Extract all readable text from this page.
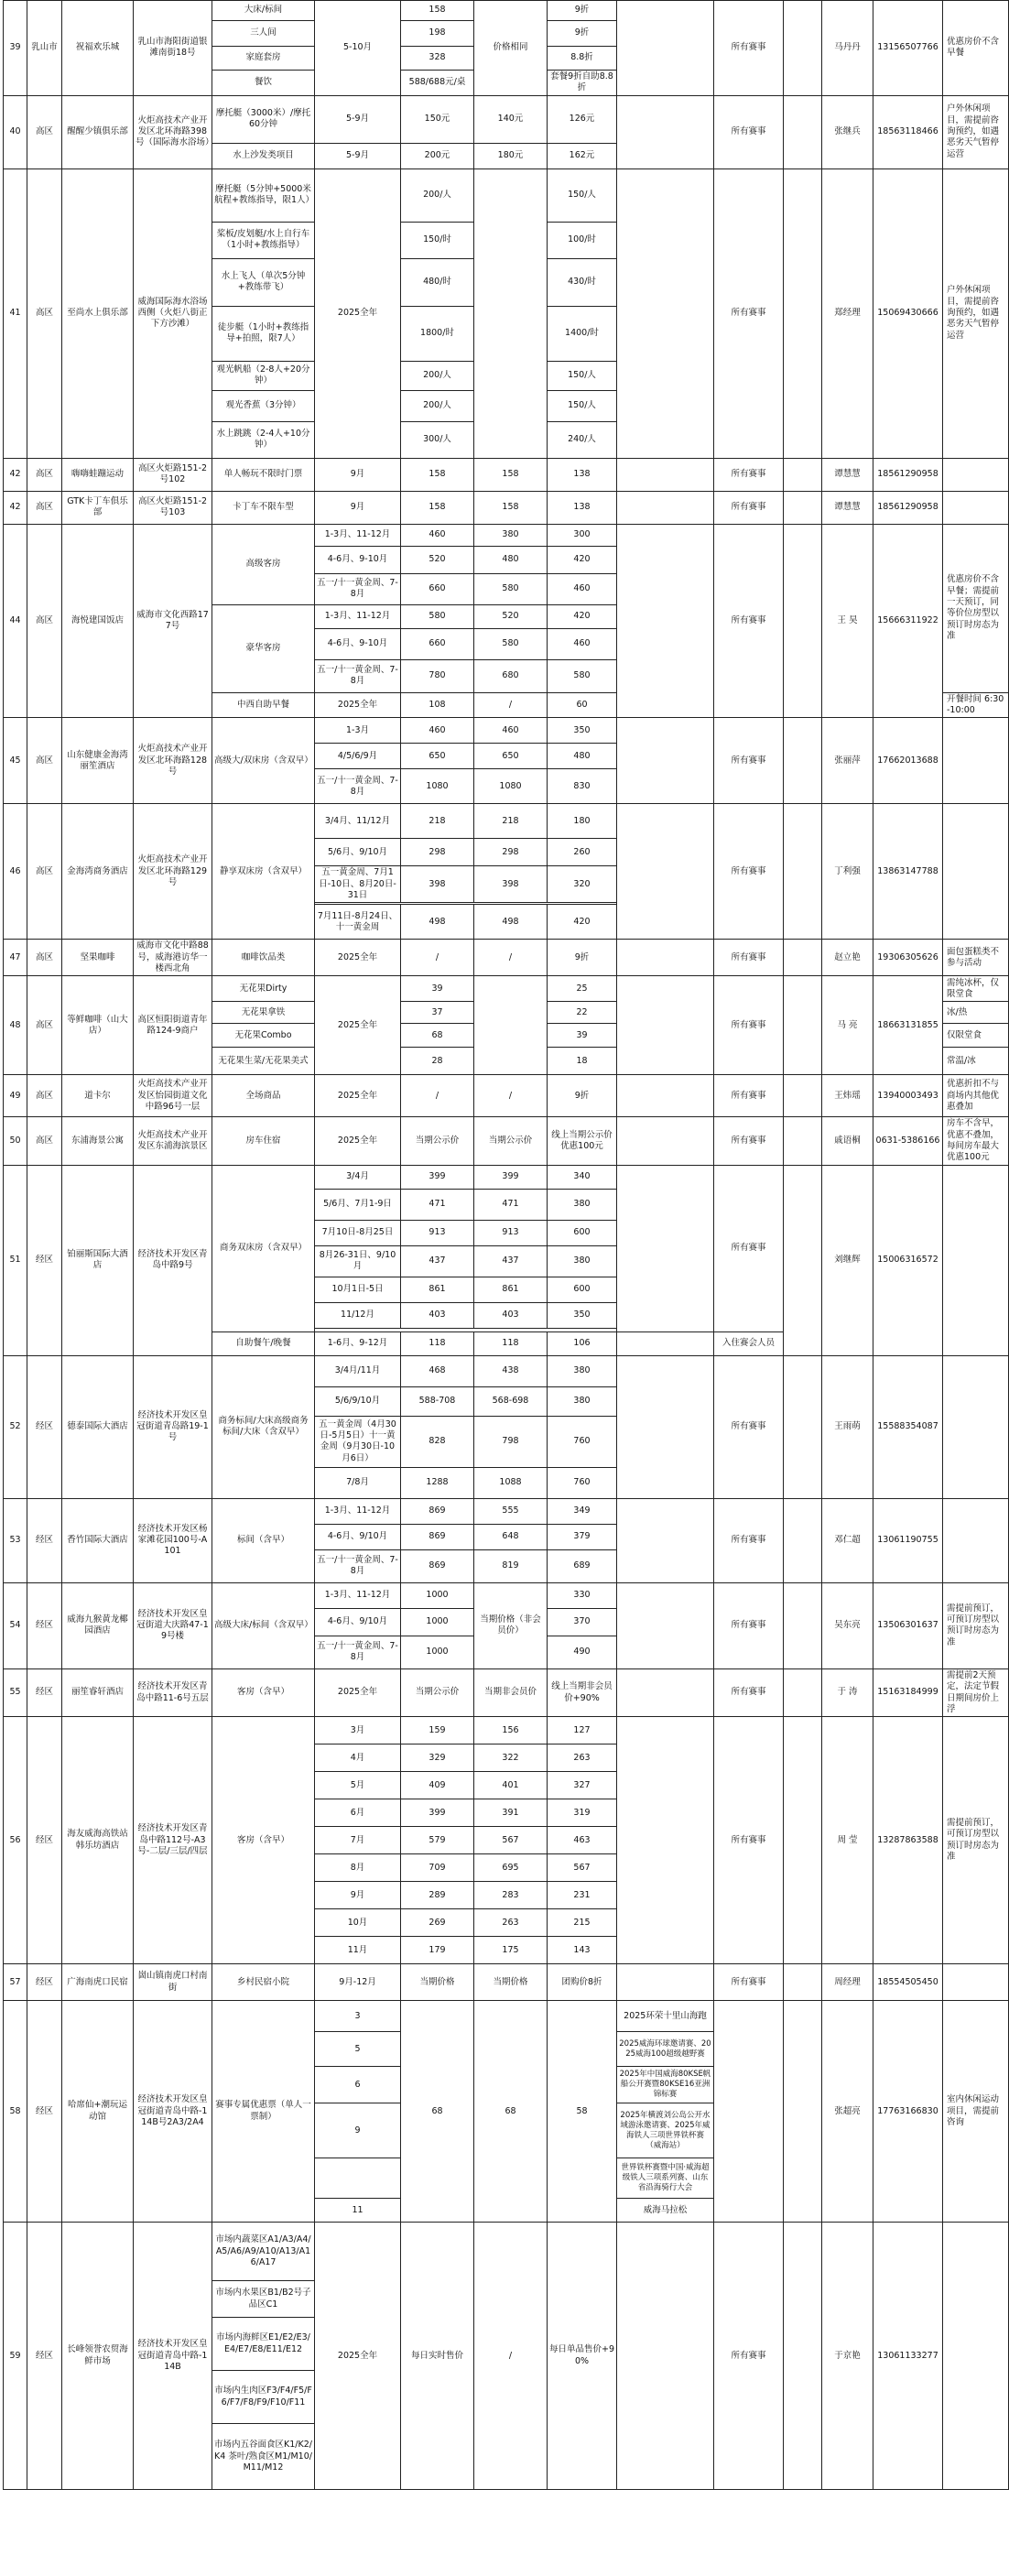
39	乳山市	祝福欢乐城	乳山市海阳街道银滩南街18号	大床/标间	5-10月	158	价格相同	9折		所有赛事		马丹丹	13156507766	优惠房价不含早餐
				三人间		198		9折						
				家庭套房		328		8.8折						
				餐饮		588/688元/桌		套餐9折自助8.8折						
40	高区	醒醒少镇俱乐部	火炬高技术产业开发区北环海路398号（国际海水浴场）	摩托艇（3000米）/摩托60分钟	5-9月	150元	140元	126元		所有赛事		张继兵	18563118466	户外休闲项目，需提前咨询预约，如遇恶劣天气暂停运营
				水上沙发类项目	5-9月	200元	180元	162元						
41	高区	至尚水上俱乐部	威海国际海水浴场西侧（火炬八街正下方沙滩）	摩托艇（5分钟+5000米航程+教练指导，限1人）	2025全年	200/人		150/人		所有赛事		郑经理	15069430666	户外休闲项目，需提前咨询预约，如遇恶劣天气暂停运营
				桨板/皮划艇/水上自行车（1小时+教练指导）		150/时		100/时						
				水上飞人（单次5分钟+教练带飞）		480/时		430/时						
				徒步艇（1小时+教练指导+拍照，限7人）		1800/时		1400/时						
				观光帆船（2-8人+20分钟）		200/人		150/人						
				观光香蕉（3分钟）		200/人		150/人						
				水上跳跳（2-4人+10分钟）		300/人		240/人						
42	高区	嗨嗨蛙蹦运动	高区火炬路151-2号102	单人畅玩不限时门票	9月	158	158	138		所有赛事		谭慧慧	18561290958	
42	高区	GTK卡丁车俱乐部	高区火炬路151-2号103	卡丁车不限车型	9月	158	158	138		所有赛事		谭慧慧	18561290958	
44	高区	海悦建国饭店	威海市文化西路177号	高级客房	1-3月、11-12月	460	380	300		所有赛事		王 昊	15666311922	优惠房价不含早餐；需提前一天预订，同等价位房型以预订时房态为准
					4-6月、9-10月	520	480	420						
					五一/十一黄金周、7-8月	660	580	460						
				豪华客房	1-3月、11-12月	580	520	420						
					4-6月、9-10月	660	580	460						
					五一/十一黄金周、7-8月	780	680	580						
				中西自助早餐	2025全年	108	/	60						开餐时间 6:30-10:00
45	高区	山东健康金海湾丽笙酒店	火炬高技术产业开发区北环海路128号	高级大/双床房（含双早）	1-3月	460	460	350		所有赛事		张丽萍	17662013688	
					4/5/6/9月	650	650	480						
					五一/十一黄金周、7-8月	1080	1080	830						
46	高区	金海湾商务酒店	火炬高技术产业开发区北环海路129号	静享双床房（含双早）	3/4月、11/12月	218	218	180		所有赛事		丁利强	13863147788	
					5/6月、9/10月	298	298	260						
					五一黄金周、7月1日-10日、8月20日-31日	398	398	320						

					7月11日-8月24日、十一黄金周	498	498	420						
47	高区	坚果咖啡	威海市文化中路88号，威海港访华一楼西北角	咖啡饮品类	2025全年	/	/	9折		所有赛事		赵立艳	19306305626	面包蛋糕类不参与活动
48	高区	等鲜咖啡（山大店）	高区恒阳街道青年路124-9商户	无花果Dirty	2025全年	39		25		所有赛事		马 亮	18663131855	需纯冰杯，仅限堂食
				无花果拿铁		37		22						冰/热
				无花果Combo		68		39						仅限堂食
				无花果生菜/无花果美式		28		18						常温/冰
49	高区	道卡尔	火炬高技术产业开发区怡园街道文化中路96号一层	全场商品	2025全年	/	/	9折		所有赛事		王炜瑶	13940003493	优惠折扣不与商场内其他优惠叠加
50	高区	东浦海景公寓	火炬高技术产业开发区东浦海滨景区	房车住宿	2025全年	当期公示价	当期公示价	线上当期公示价优惠100元		所有赛事		戚语桐	0631-5386166	房车不含早，优惠不叠加，每间房车最大优惠100元
51	经区	铂丽斯国际大酒店	经济技术开发区青岛中路9号	商务双床房（含双早）	3/4月	399	399	340		所有赛事		刘继辉	15006316572	
					5/6月、7月1-9日	471	471	380						
					7月10日-8月25日	913	913	600						
					8月26-31日、9/10月	437	437	380						
					10月1日-5日	861	861	600						
					11/12月	403	403	350						

				自助餐午/晚餐	1-6月、9-12月	118	118	106		入住赛会人员				
52	经区	德泰国际大酒店	经济技术开发区皇冠街道青岛路19-1号	商务标间/大床高级商务标间/大床（含双早）	3/4月/11月	468	438	380		所有赛事		王雨萌	15588354087	
					5/6/9/10月	588-708	568-698	380						
					五一黄金周（4月30日-5月5日）十一黄金周（9月30日-10月6日）	828	798	760						
					7/8月	1288	1088	760						
53	经区	香竹国际大酒店	经济技术开发区杨家滩花园100号-A101	标间（含早）	1-3月、11-12月	869	555	349		所有赛事		邓仁超	13061190755	
					4-6月、9/10月	869	648	379						
					五一/十一黄金周、7-8月	869	819	689						
54	经区	威海九猴黄龙椰园酒店	经济技术开发区皇冠街道大庆路47-19号楼	高级大床/标间（含双早）	1-3月、11-12月	1000	当期价格（非会员价）	330		所有赛事		吴东亮	13506301637	需提前预订，可预订房型以预订时房态为准
					4-6月、9/10月	1000		370						
					五一/十一黄金周、7-8月	1000		490						
55	经区	丽笙睿轩酒店	经济技术开发区青岛中路11-6号五层	客房（含早）	2025全年	当期公示价	当期非会员价	线上当期非会员价+90%		所有赛事		于 涛	15163184999	需提前2天预定，法定节假日期间房价上浮
56	经区	海友威海高铁站韩乐坊酒店	经济技术开发区青岛中路112号-A3号-二层/三层/四层	客房（含早）	3月	159	156	127		所有赛事		周 莹	13287863588	需提前预订，可预订房型以预订时房态为准
					4月	329	322	263						
					5月	409	401	327						
					6月	399	391	319						
					7月	579	567	463						
					8月	709	695	567						
					9月	289	283	231						
					10月	269	263	215						
					11月	179	175	143						
57	经区	广海南虎口民宿	崮山镇南虎口村南街	乡村民宿小院	9月-12月	当期价格	当期价格	团购价8折		所有赛事		周经理	18554505450	
58	经区	哈席仙+潮玩运动馆	经济技术开发区皇冠街道青岛中路-114B号2A3/2A4	赛事专属优惠票（单人一票制）	3	68	68	58	2025环荣十里山海跑			张超亮	17763166830	室内休闲运动项目，需提前咨询
					5				2025威海环球邀请赛、2025威海100超级越野赛					
					6				2025年中国威海80KSE帆船公开赛暨80KSE16亚洲锦标赛					
					9				2025年横渡刘公岛公开水域游泳邀请赛、2025年威海铁人三项世界铁杯赛（威海站）					
									世界铁杯赛暨中国·威海超级铁人三项系列赛、山东省沿海骑行大会					
					11				威海马拉松					
59	经区	长峰领誉农贸海鲜市场	经济技术开发区皇冠街道青岛中路-114B	市场内蔬菜区A1/A3/A4/A5/A6/A9/A10/A13/A16/A17	2025全年	每日实时售价	/	每日单品售价+90%		所有赛事		于京艳	13061133277	
				市场内水果区B1/B2号子品区C1										
				市场内海鲜区E1/E2/E3/E4/E7/E8/E11/E12										
				市场内生肉区F3/F4/F5/F6/F7/F8/F9/F10/F11										
				市场内五谷面食区K1/K2/K4 茶叶/熟食区M1/M10/M11/M12										
